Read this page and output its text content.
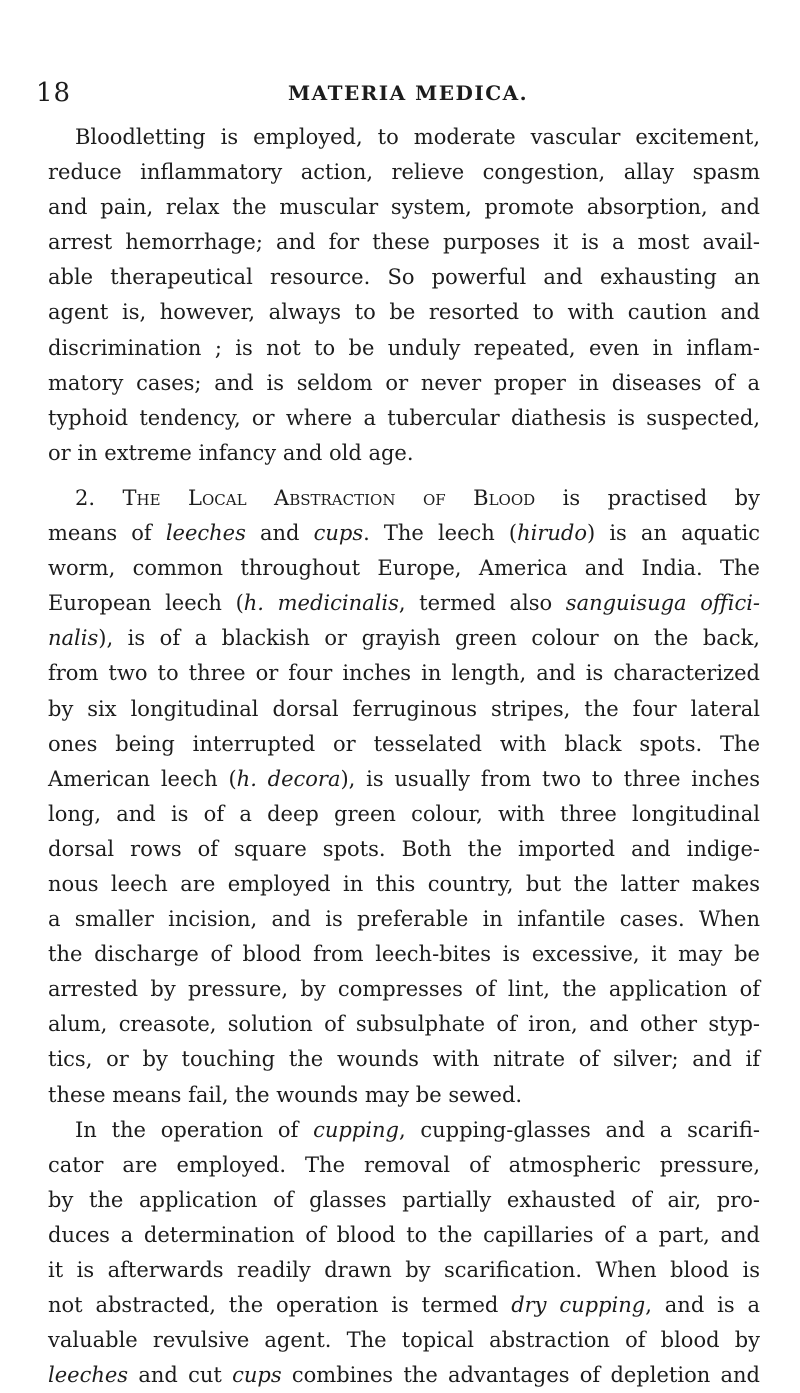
18	MATERIA MEDICA.
Bloodletting is employed, to moderate vascular excitement,
reduce inflammatory action, relieve congestion, allay spasm
and pain, relax the muscular system, promote absorption, and
arrest hemorrhage; and for these purposes it is a most avail-
able therapeutical resource. So powerful and exhausting an
agent is, however, always to be resorted to with caution and
discrimination ; is not to be unduly repeated, even in inflam-
matory cases; and is seldom or never proper in diseases of a
typhoid tendency, or where a tubercular diathesis is suspected,
or in extreme infancy and old age.
2. The Local Abstraction of Blood is practised by
means of leeches and cups. The leech (hirudo) is an aquatic
worm, common throughout Europe, America and India. The
European leech (h. medicinalis, termed also sanguisuga offici-
nalis), is of a blackish or grayish green colour on the back,
from two to three or four inches in length, and is characterized
by six longitudinal dorsal ferruginous stripes, the four lateral
ones being interrupted or tesselated with black spots. The
American leech (h. decora), is usually from two to three inches
long, and is of a deep green colour, with three longitudinal
dorsal rows of square spots. Both the imported and indige-
nous leech are employed in this country, but the latter makes
a smaller incision, and is preferable in infantile cases. When
the discharge of blood from leech-bites is excessive, it may be
arrested by pressure, by compresses of lint, the application of
alum, creasote, solution of subsulphate of iron, and other styp-
tics, or by touching the wounds with nitrate of silver; and if
these means fail, the wounds may be sewed.
In the operation of cupping, cupping-glasses and a scarifi-
cator are employed. The removal of atmospheric pressure,
by the application of glasses partially exhausted of air, pro-
duces a determination of blood to the capillaries of a part, and
it is afterwards readily drawn by scarification. When blood is
not abstracted, the operation is termed dry cupping, and is a
valuable revulsive agent. The topical abstraction of blood by
leeches and cut cups combines the advantages of depletion and
